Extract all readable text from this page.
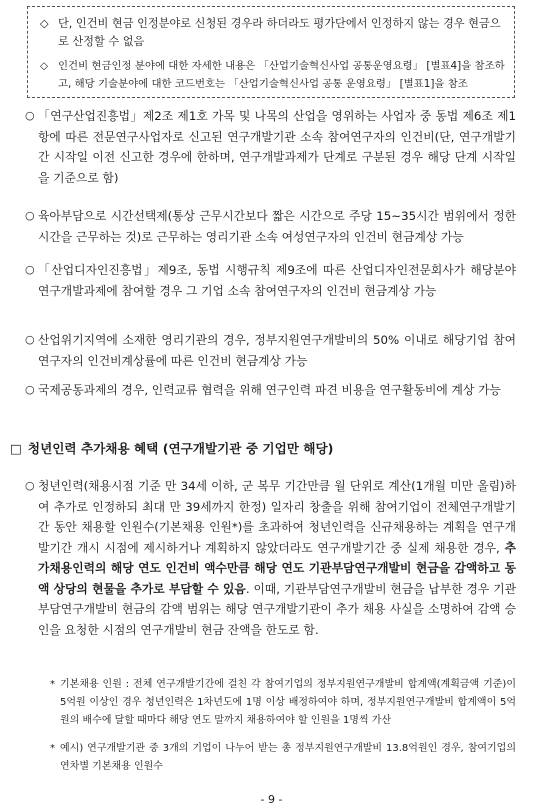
◇ 단, 인건비 현금 인정분야로 신청된 경우라 하더라도 평가단에서 인정하지 않는 경우 현금으로 산정할 수 없음
◇ 인건비 현금인정 분야에 대한 자세한 내용은 「산업기술혁신사업 공통운영요령」 [별표4]을 참조하고, 해당 기술분야에 대한 코드번호는 「산업기술혁신사업 공통 운영요령」 [별표1]을 참조
○ 「연구산업진흥법」제2조 제1호 가목 및 나목의 산업을 영위하는 사업자 중 동법 제6조 제1항에 따른 전문연구사업자로 신고된 연구개발기관 소속 참여연구자의 인건비(단, 연구개발기간 시작일 이전 신고한 경우에 한하며, 연구개발과제가 단계로 구분된 경우 해당 단계 시작일을 기준으로 함)
○ 육아부담으로 시간선택제(통상 근무시간보다 짧은 시간으로 주당 15~35시간 범위에서 정한 시간을 근무하는 것)로 근무하는 영리기관 소속 여성연구자의 인건비 현금계상 가능
○ 「산업디자인진흥법」제9조, 동법 시행규칙 제9조에 따른 산업디자인전문회사가 해당분야 연구개발과제에 참여할 경우 그 기업 소속 참여연구자의 인건비 현금계상 가능
○ 산업위기지역에 소재한 영리기관의 경우, 정부지원연구개발비의 50% 이내로 해당기업 참여연구자의 인건비계상률에 따른 인건비 현금계상 가능
○ 국제공동과제의 경우, 인력교류 협력을 위해 연구인력 파견 비용을 연구활동비에 계상 가능
□ 청년인력 추가채용 혜택 (연구개발기관 중 기업만 해당)
○ 청년인력(채용시점 기준 만 34세 이하, 군 복무 기간만큼 월 단위로 계산(1개월 미만 올림)하여 추가로 인정하되 최대 만 39세까지 한정) 일자리 창출을 위해 참여기업이 전체연구개발기간 동안 채용할 인원수(기본채용 인원*)를 초과하여 청년인력을 신규채용하는 계획을 연구개발기간 개시 시점에 제시하거나 계획하지 않았더라도 연구개발기간 중 실제 채용한 경우, 추가채용인력의 해당 연도 인건비 액수만큼 해당 연도 기관부담연구개발비 현금을 감액하고 동액 상당의 현물을 추가로 부담할 수 있음. 이때, 기관부담연구개발비 현금을 납부한 경우 기관부담연구개발비 현금의 감액 범위는 해당 연구개발기관이 추가 채용 사실을 소명하여 감액 승인을 요청한 시점의 연구개발비 현금 잔액을 한도로 함.
* 기본채용 인원 : 전체 연구개발기간에 걸친 각 참여기업의 정부지원연구개발비 합계액(계획금액 기준)이 5억원 이상인 경우 청년인력은 1차년도에 1명 이상 배정하여야 하며, 정부지원연구개발비 합계액이 5억원의 배수에 달할 때마다 해당 연도 말까지 채용하여야 할 인원을 1명씩 가산
* 예시) 연구개발기관 중 3개의 기업이 나누어 받는 총 정부지원연구개발비 13.8억원인 경우, 참여기업의 연차별 기본채용 인원수
- 9 -
